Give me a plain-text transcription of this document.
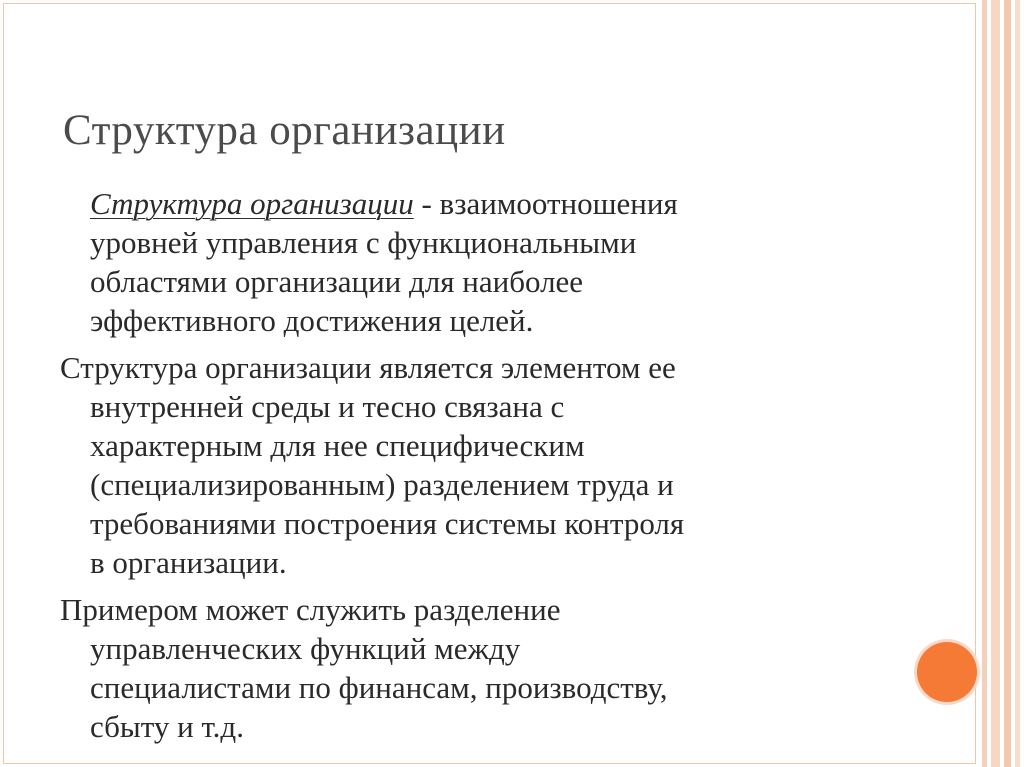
Структура организации
Структура организации - взаимоотношения
уровней управления с функциональными
областями организации для наиболее
эффективного достижения целей.
Структура организации является элементом ее
внутренней среды и тесно связана с
характерным для нее специфическим
(специализированным) разделением труда и
требованиями построения системы контроля
в организации.
Примером может служить разделение
управленческих функций между
специалистами по финансам, производству,
сбыту и т.д.
